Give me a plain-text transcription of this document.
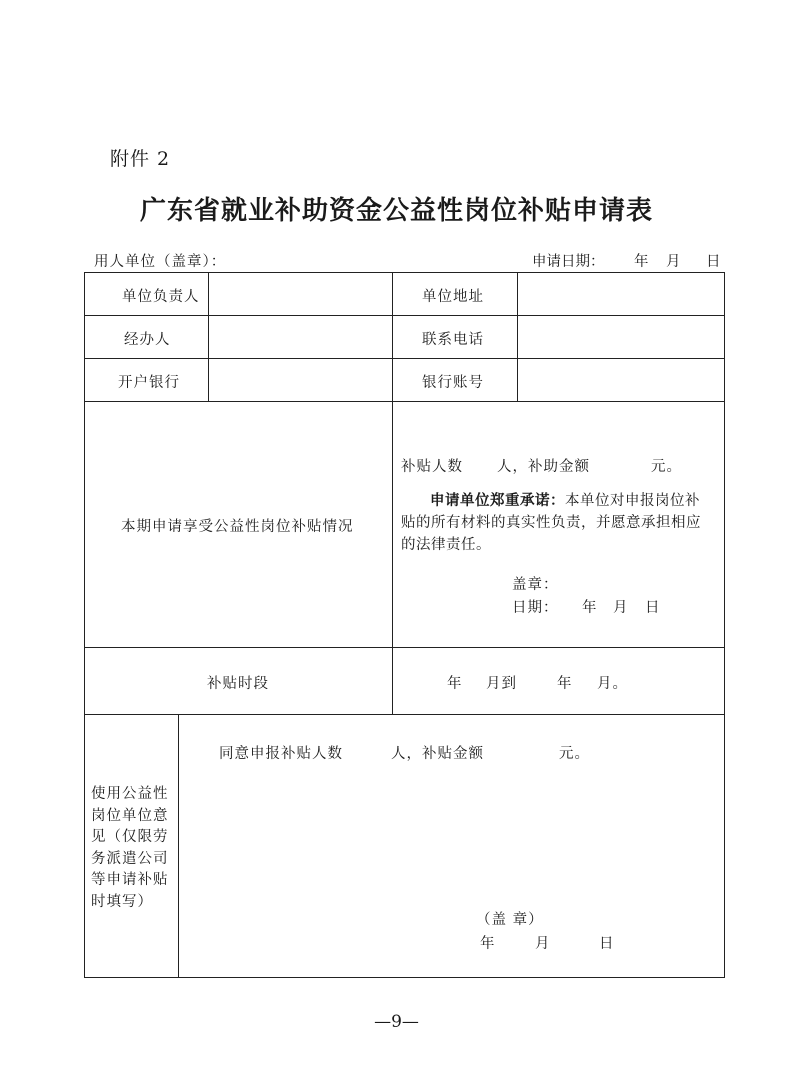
附件 2
广东省就业补助资金公益性岗位补贴申请表
用人单位（盖章）：	申请日期： 年 月 日
单位负责人	单位地址
经办人	联系电话
开户银行	银行账号
本期申请享受公益性岗位补贴情况
补贴人数 人，补助金额	元。
申请单位郑重承诺：本单位对申报岗位补
贴的所有材料的真实性负责，并愿意承担相应
的法律责任。
盖章：
日期： 年 月 日
补贴时段	年 月到	年 月。
使用公益性
岗位单位意
见（仅限劳
务派遣公司
等申请补贴
时填写）
同意申报补贴人数	人，补贴金额	元。
（盖 章）
年	月	日
—9—
